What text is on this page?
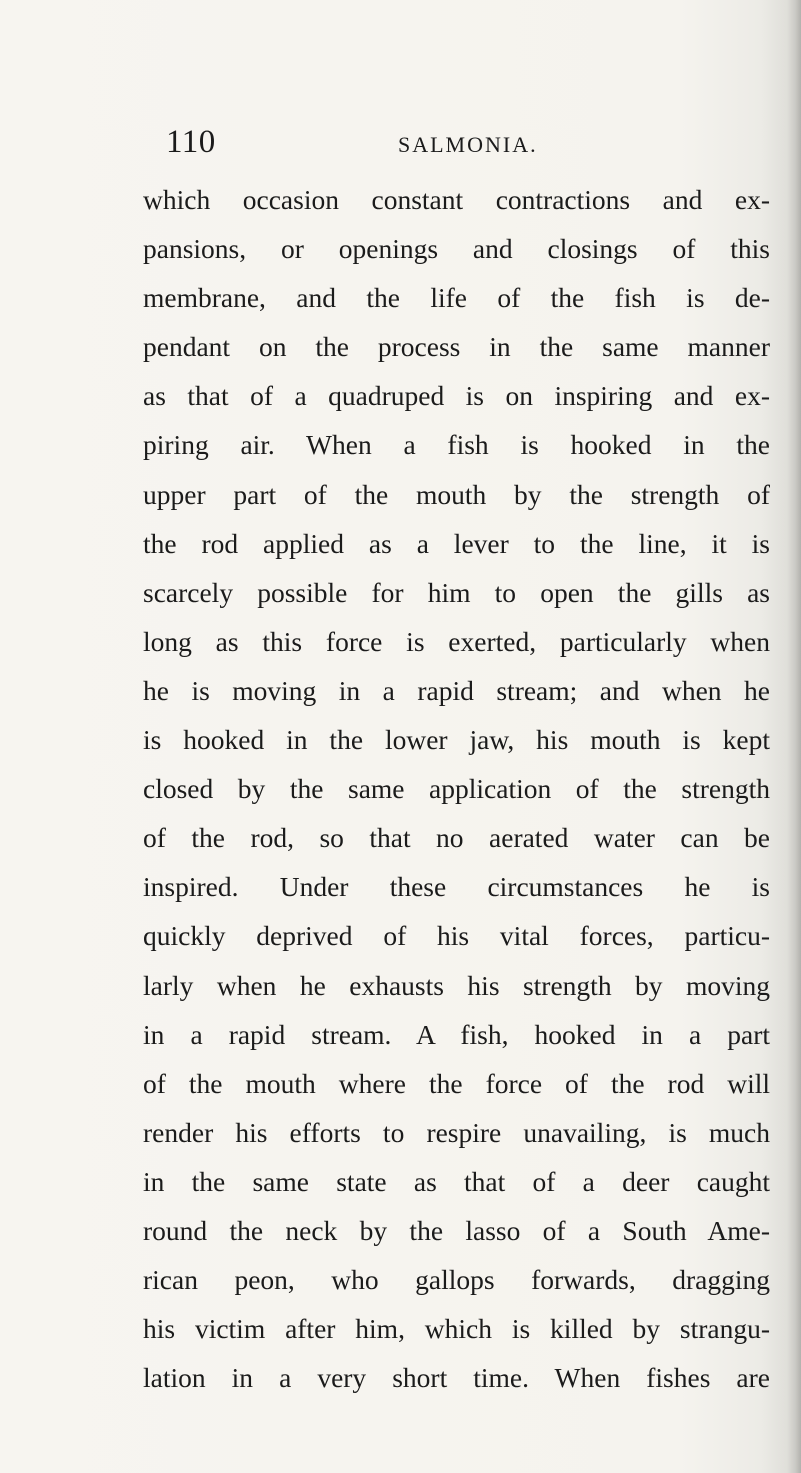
110	SALMONIA.
which occasion constant contractions and ex-
pansions, or openings and closings of this
membrane, and the life of the fish is de-
pendant on the process in the same manner
as that of a quadruped is on inspiring and ex-
piring air. When a fish is hooked in the
upper part of the mouth by the strength of
the rod applied as a lever to the line, it is
scarcely possible for him to open the gills as
long as this force is exerted, particularly when
he is moving in a rapid stream; and when he
is hooked in the lower jaw, his mouth is kept
closed by the same application of the strength
of the rod, so that no aerated water can be
inspired. Under these circumstances he is
quickly deprived of his vital forces, particu-
larly when he exhausts his strength by moving
in a rapid stream. A fish, hooked in a part
of the mouth where the force of the rod will
render his efforts to respire unavailing, is much
in the same state as that of a deer caught
round the neck by the lasso of a South Ame-
rican peon, who gallops forwards, dragging
his victim after him, which is killed by strangu-
lation in a very short time. When fishes are
